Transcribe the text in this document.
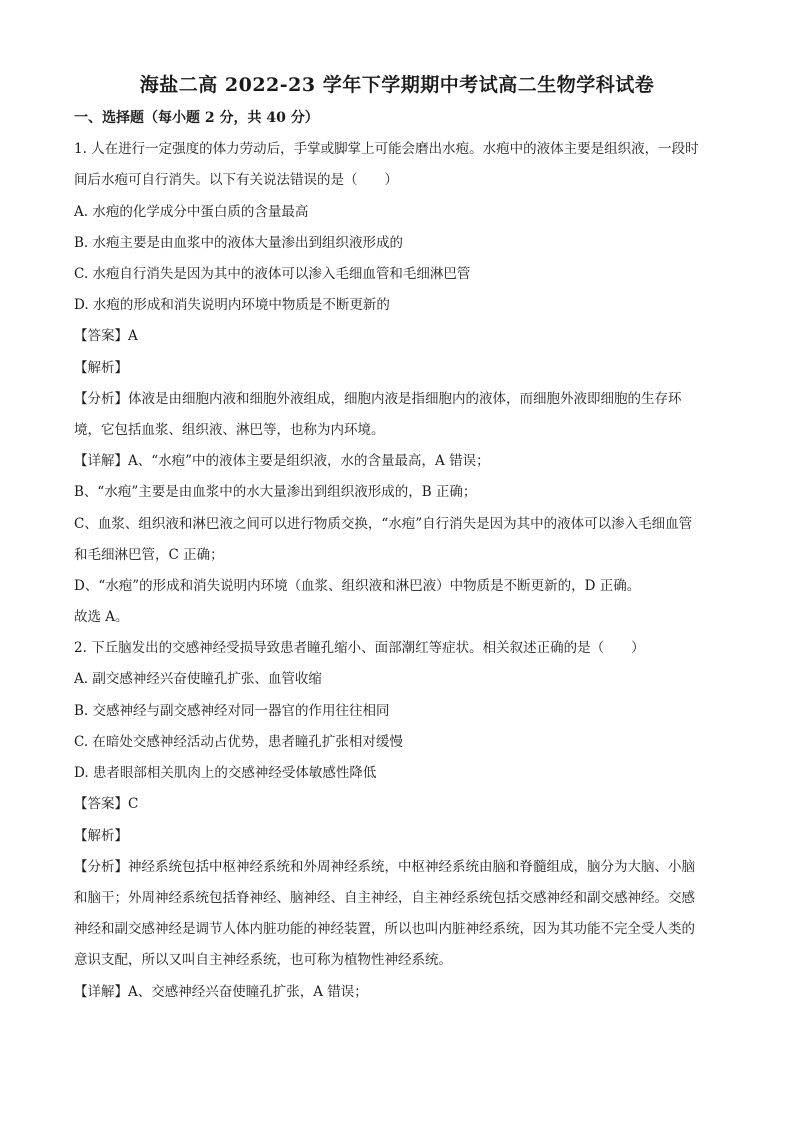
海盐二高 2022-23 学年下学期期中考试高二生物学科试卷
一、选择题（每小题 2 分，共 40 分）
1. 人在进行一定强度的体力劳动后，手掌或脚掌上可能会磨出水疱。水疱中的液体主要是组织液，一段时
间后水疱可自行消失。以下有关说法错误的是（　　）
A. 水疱的化学成分中蛋白质的含量最高
B. 水疱主要是由血浆中的液体大量渗出到组织液形成的
C. 水疱自行消失是因为其中的液体可以渗入毛细血管和毛细淋巴管
D. 水疱的形成和消失说明内环境中物质是不断更新的
【答案】A
【解析】
【分析】体液是由细胞内液和细胞外液组成，细胞内液是指细胞内的液体，而细胞外液即细胞的生存环
境，它包括血浆、组织液、淋巴等，也称为内环境。
【详解】A、“水疱”中的液体主要是组织液，水的含量最高，A 错误；
B、“水疱”主要是由血浆中的水大量渗出到组织液形成的，B 正确；
C、血浆、组织液和淋巴液之间可以进行物质交换，“水疱”自行消失是因为其中的液体可以渗入毛细血管
和毛细淋巴管，C 正确；
D、“水疱”的形成和消失说明内环境（血浆、组织液和淋巴液）中物质是不断更新的，D 正确。
故选 A。
2. 下丘脑发出的交感神经受损导致患者瞳孔缩小、面部潮红等症状。相关叙述正确的是（　　）
A. 副交感神经兴奋使瞳孔扩张、血管收缩
B. 交感神经与副交感神经对同一器官的作用往往相同
C. 在暗处交感神经活动占优势，患者瞳孔扩张相对缓慢
D. 患者眼部相关肌肉上的交感神经受体敏感性降低
【答案】C
【解析】
【分析】神经系统包括中枢神经系统和外周神经系统，中枢神经系统由脑和脊髓组成，脑分为大脑、小脑
和脑干；外周神经系统包括脊神经、脑神经、自主神经，自主神经系统包括交感神经和副交感神经。交感
神经和副交感神经是调节人体内脏功能的神经装置，所以也叫内脏神经系统，因为其功能不完全受人类的
意识支配，所以又叫自主神经系统，也可称为植物性神经系统。
【详解】A、交感神经兴奋使瞳孔扩张，A 错误；
